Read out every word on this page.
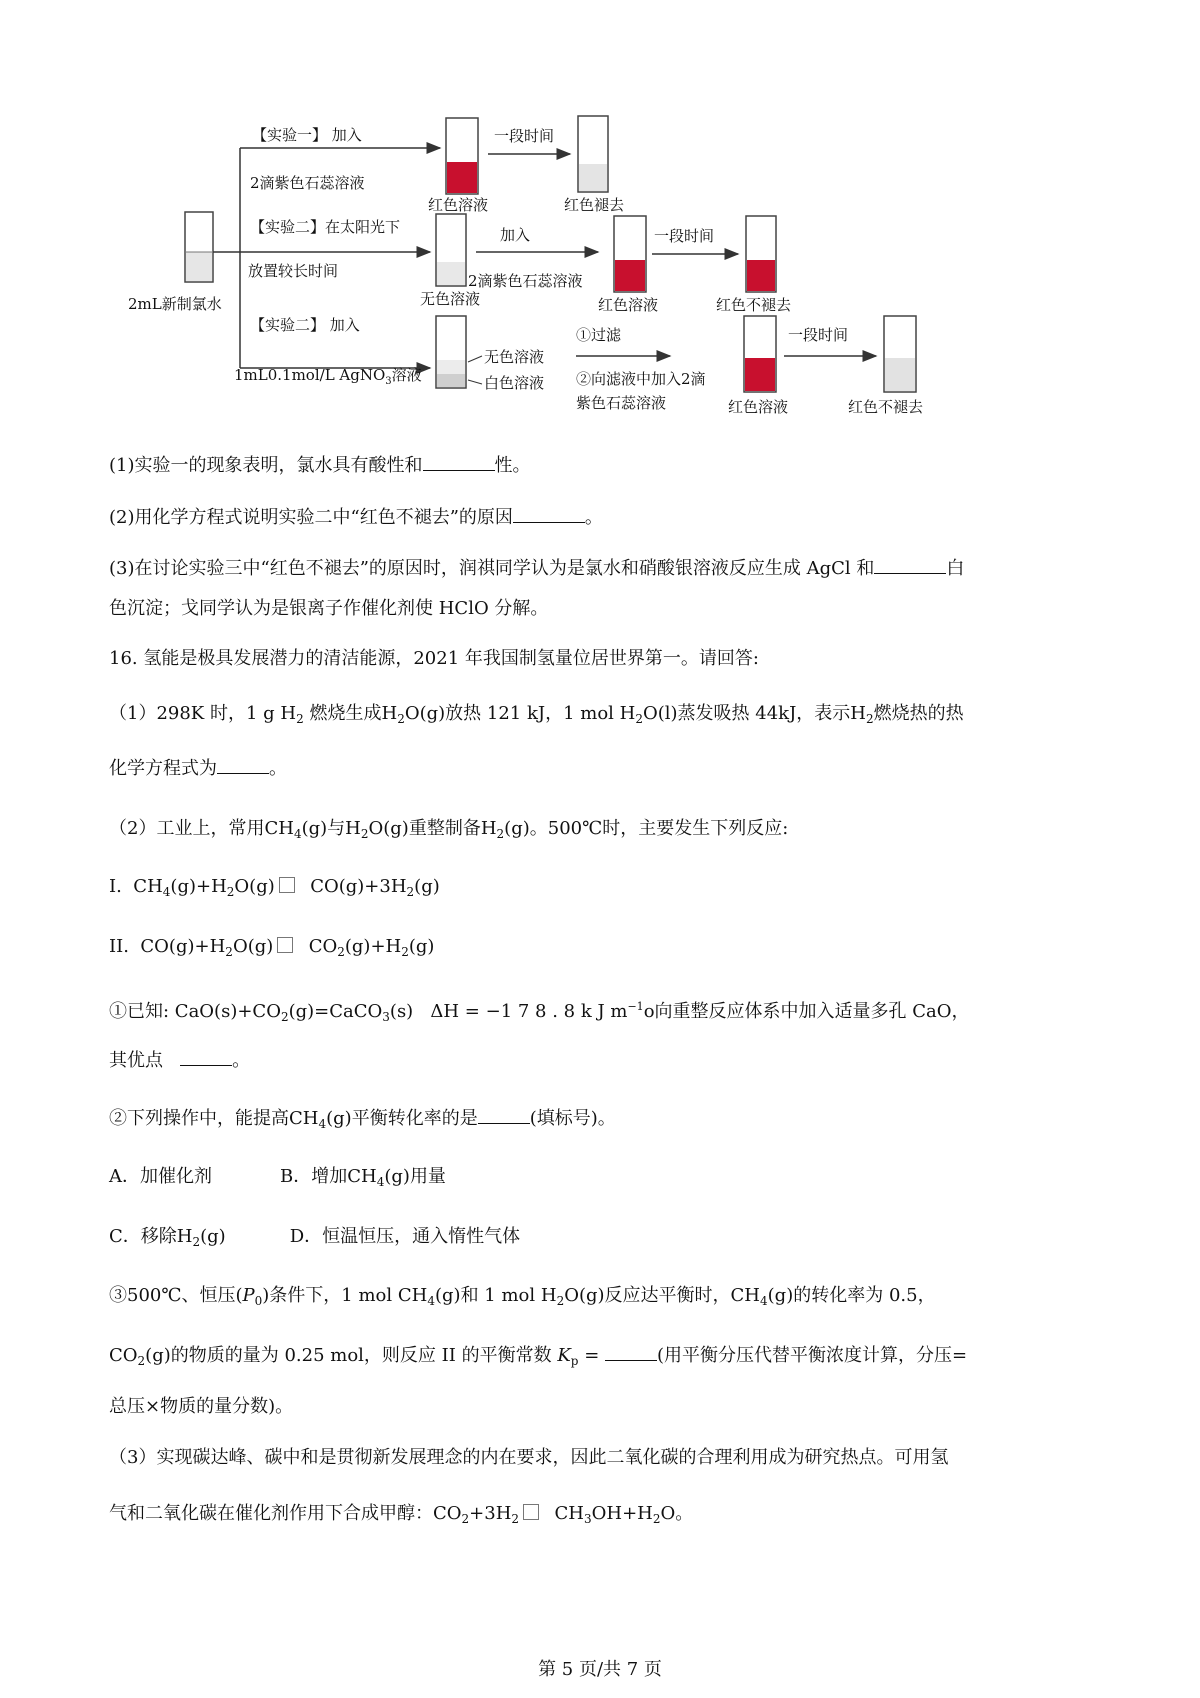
2mL新制氯水
【实验一】 加入
2滴紫色石蕊溶液
红色溶液
一段时间
红色褪去
【实验二】在太阳光下
放置较长时间
无色溶液
加入
2滴紫色石蕊溶液
红色溶液
一段时间
红色不褪去
【实验二】 加入
1mL0.1mol/L AgNO$_3$溶液
无色溶液
白色溶液
①过滤
②向滤液中加入2滴
紫色石蕊溶液	红色溶液
一段时间
红色不褪去
(1)实验一的现象表明，氯水具有酸性和	性。
(2)用化学方程式说明实验二中“红色不褪去”的原因	。
(3)在讨论实验三中“红色不褪去”的原因时，润祺同学认为是氯水和硝酸银溶液反应生成 AgCl 和	白
色沉淀；戈同学认为是银离子作催化剂使 HClO 分解。
16. 氢能是极具发展潜力的清洁能源，2021 年我国制氢量位居世界第一。请回答:
（1）298K 时，1 g $H_2$ 燃烧生成$H_2O(g)$放热 121 kJ，1 mol $H_2O(l)$蒸发吸热 44kJ，表示$H_2$燃烧热的热
化学方程式为	。
（2）工业上，常用$CH_4(g)$与$H_2O(g)$重整制备$H_2(g)$。500℃时，主要发生下列反应:
I. $CH_4(g)+H_2O(g)$ $CO(g)+3H_2(g)$
II. $CO(g)+H_2O(g)$ $CO_2(g)+H_2(g)$
①已知: $CaO(s)+CO_2(g)=CaCO_3(s) \Delta H = -1$ 7 8 . 8 k J $m^{-1}o$向重整反应体系中加入适量多孔 CaO，
其优点	。
②下列操作中，能提高$CH_4(g)$平衡转化率的是	(填标号)。
A．加催化剂	B．增加$CH_4(g)$用量
C．移除$H_2(g)$	D．恒温恒压，通入惰性气体
③500℃、恒压$(P_0)$条件下，1 mol $CH_4(g)$和 1 mol $H_2O(g)$反应达平衡时，$CH_4(g)$的转化率为 0.5，
$CO_2(g)$的物质的量为 0.25 mol，则反应 II 的平衡常数 $K_p$ =	(用平衡分压代替平衡浓度计算，分压=
总压×物质的量分数)。
（3）实现碳达峰、碳中和是贯彻新发展理念的内在要求，因此二氧化碳的合理利用成为研究热点。可用氢
气和二氧化碳在催化剂作用下合成甲醇：$CO_2+3H_2$ $CH_3OH+H_2O$。
第 5 页/共 7 页
